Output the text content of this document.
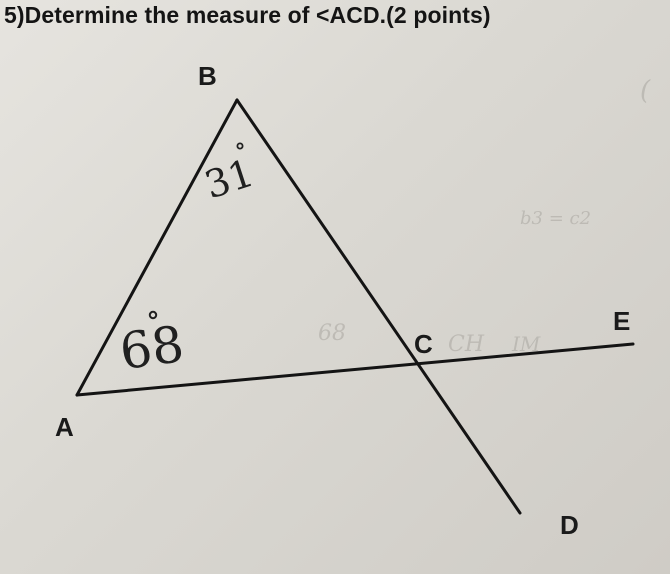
5)Determine the measure of <ACD.(2 points)
B
A
C
E
D
31
68	68	CH IM
b3 = c2
(
